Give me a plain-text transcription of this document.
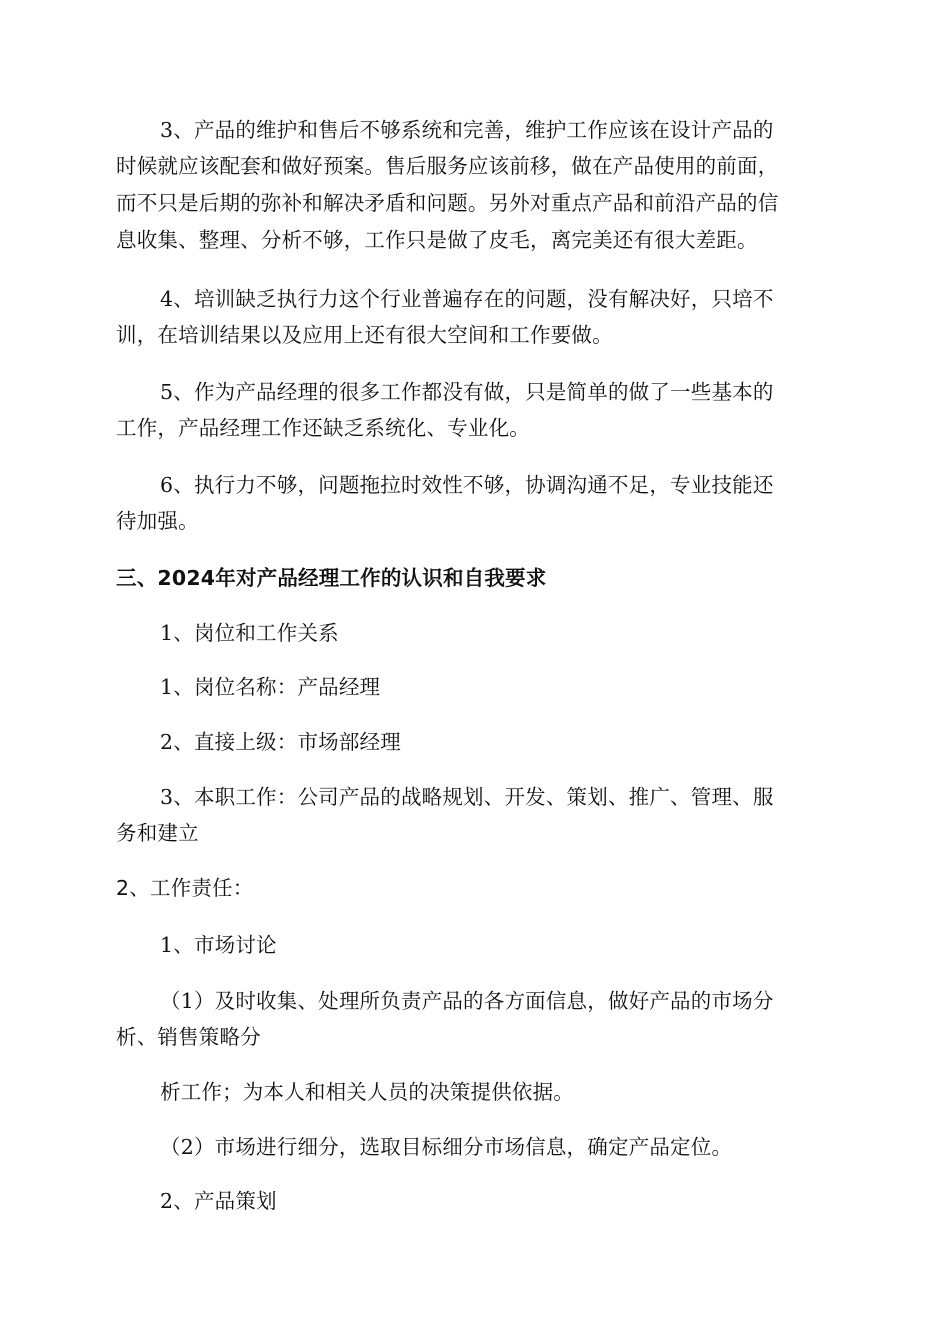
3、产品的维护和售后不够系统和完善，维护工作应该在设计产品的
时候就应该配套和做好预案。售后服务应该前移，做在产品使用的前面，
而不只是后期的弥补和解决矛盾和问题。另外对重点产品和前沿产品的信
息收集、整理、分析不够，工作只是做了皮毛，离完美还有很大差距。
4、培训缺乏执行力这个行业普遍存在的问题，没有解决好，只培不
训，在培训结果以及应用上还有很大空间和工作要做。
5、作为产品经理的很多工作都没有做，只是简单的做了一些基本的
工作，产品经理工作还缺乏系统化、专业化。
6、执行力不够，问题拖拉时效性不够，协调沟通不足，专业技能还
待加强。
三、2024年对产品经理工作的认识和自我要求
1、岗位和工作关系
1、岗位名称：产品经理
2、直接上级：市场部经理
3、本职工作：公司产品的战略规划、开发、策划、推广、管理、服
务和建立
2、工作责任：
1、市场讨论
（1）及时收集、处理所负责产品的各方面信息，做好产品的市场分
析、销售策略分
析工作；为本人和相关人员的决策提供依据。
（2）市场进行细分，选取目标细分市场信息，确定产品定位。
2、产品策划
